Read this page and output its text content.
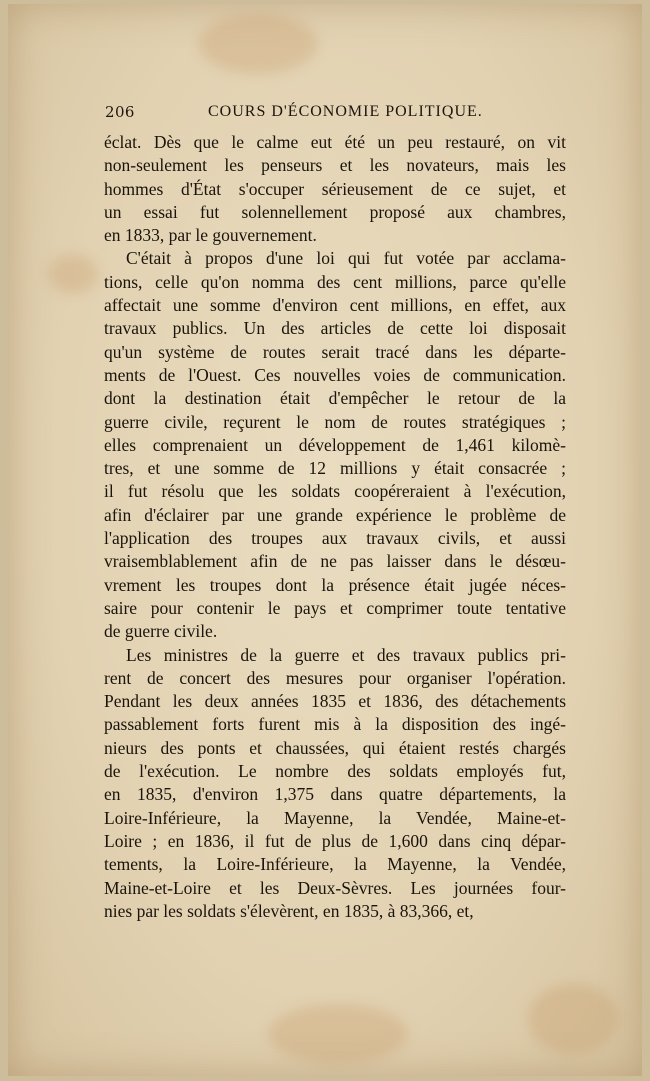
206	COURS D'ÉCONOMIE POLITIQUE.
éclat. Dès que le calme eut été un peu restauré, on vit
non-seulement les penseurs et les novateurs, mais les
hommes d'État s'occuper sérieusement de ce sujet, et
un essai fut solennellement proposé aux chambres,
en 1833, par le gouvernement.
C'était à propos d'une loi qui fut votée par acclama-
tions, celle qu'on nomma des cent millions, parce qu'elle
affectait une somme d'environ cent millions, en effet, aux
travaux publics. Un des articles de cette loi disposait
qu'un système de routes serait tracé dans les départe-
ments de l'Ouest. Ces nouvelles voies de communication.
dont la destination était d'empêcher le retour de la
guerre civile, reçurent le nom de routes stratégiques ;
elles comprenaient un développement de 1,461 kilomè-
tres, et une somme de 12 millions y était consacrée ;
il fut résolu que les soldats coopéreraient à l'exécution,
afin d'éclairer par une grande expérience le problème de
l'application des troupes aux travaux civils, et aussi
vraisemblablement afin de ne pas laisser dans le désœu-
vrement les troupes dont la présence était jugée néces-
saire pour contenir le pays et comprimer toute tentative
de guerre civile.
Les ministres de la guerre et des travaux publics pri-
rent de concert des mesures pour organiser l'opération.
Pendant les deux années 1835 et 1836, des détachements
passablement forts furent mis à la disposition des ingé-
nieurs des ponts et chaussées, qui étaient restés chargés
de l'exécution. Le nombre des soldats employés fut,
en 1835, d'environ 1,375 dans quatre départements, la
Loire-Inférieure, la Mayenne, la Vendée, Maine-et-
Loire ; en 1836, il fut de plus de 1,600 dans cinq dépar-
tements, la Loire-Inférieure, la Mayenne, la Vendée,
Maine-et-Loire et les Deux-Sèvres. Les journées four-
nies par les soldats s'élevèrent, en 1835, à 83,366, et,
